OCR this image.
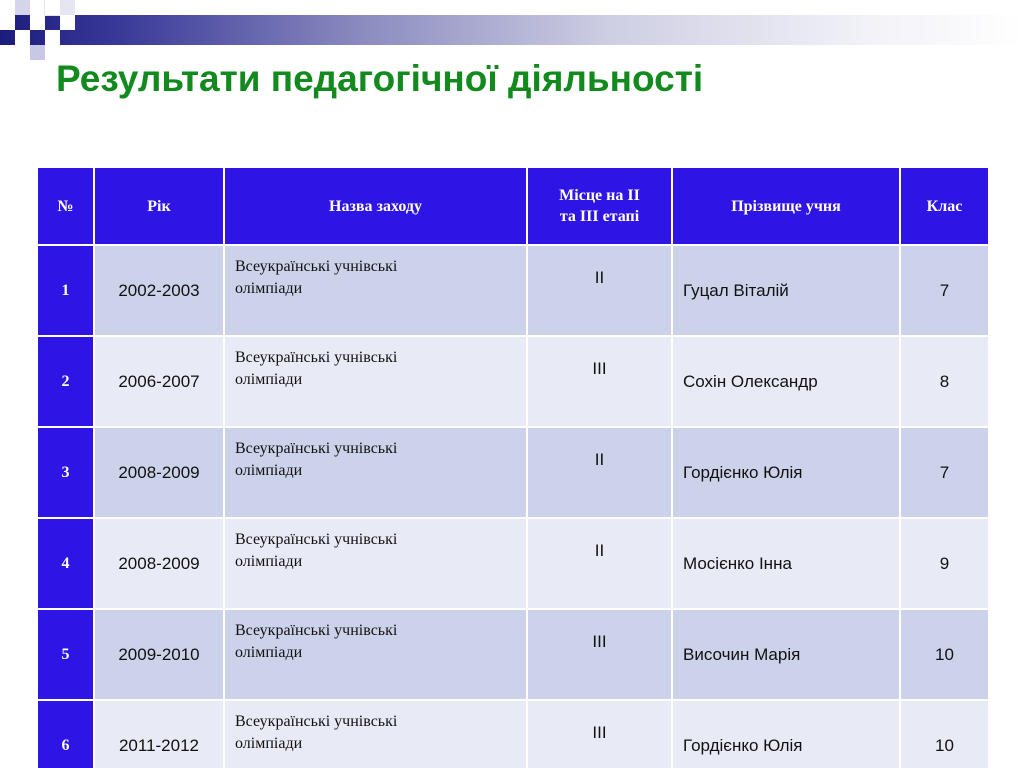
Результати педагогічної діяльності
№	Рік	Назва заходу	Місце на ІІ
та ІІІ етапі	Прізвище учня	Клас
1	2002-2003	Всеукраїнські учнівські
олімпіади	ІІ	Гуцал Віталій	7
2	2006-2007	Всеукраїнські учнівські
олімпіади	ІІІ	Сохін Олександр	8
3	2008-2009	Всеукраїнські учнівські
олімпіади	ІІ	Гордієнко Юлія	7
4	2008-2009	Всеукраїнські учнівські
олімпіади	ІІ	Мосієнко Інна	9
5	2009-2010	Всеукраїнські учнівські
олімпіади	ІІІ	Височин Марія	10
6	2011-2012	Всеукраїнські учнівські
олімпіади	ІІІ	Гордієнко Юлія	10
